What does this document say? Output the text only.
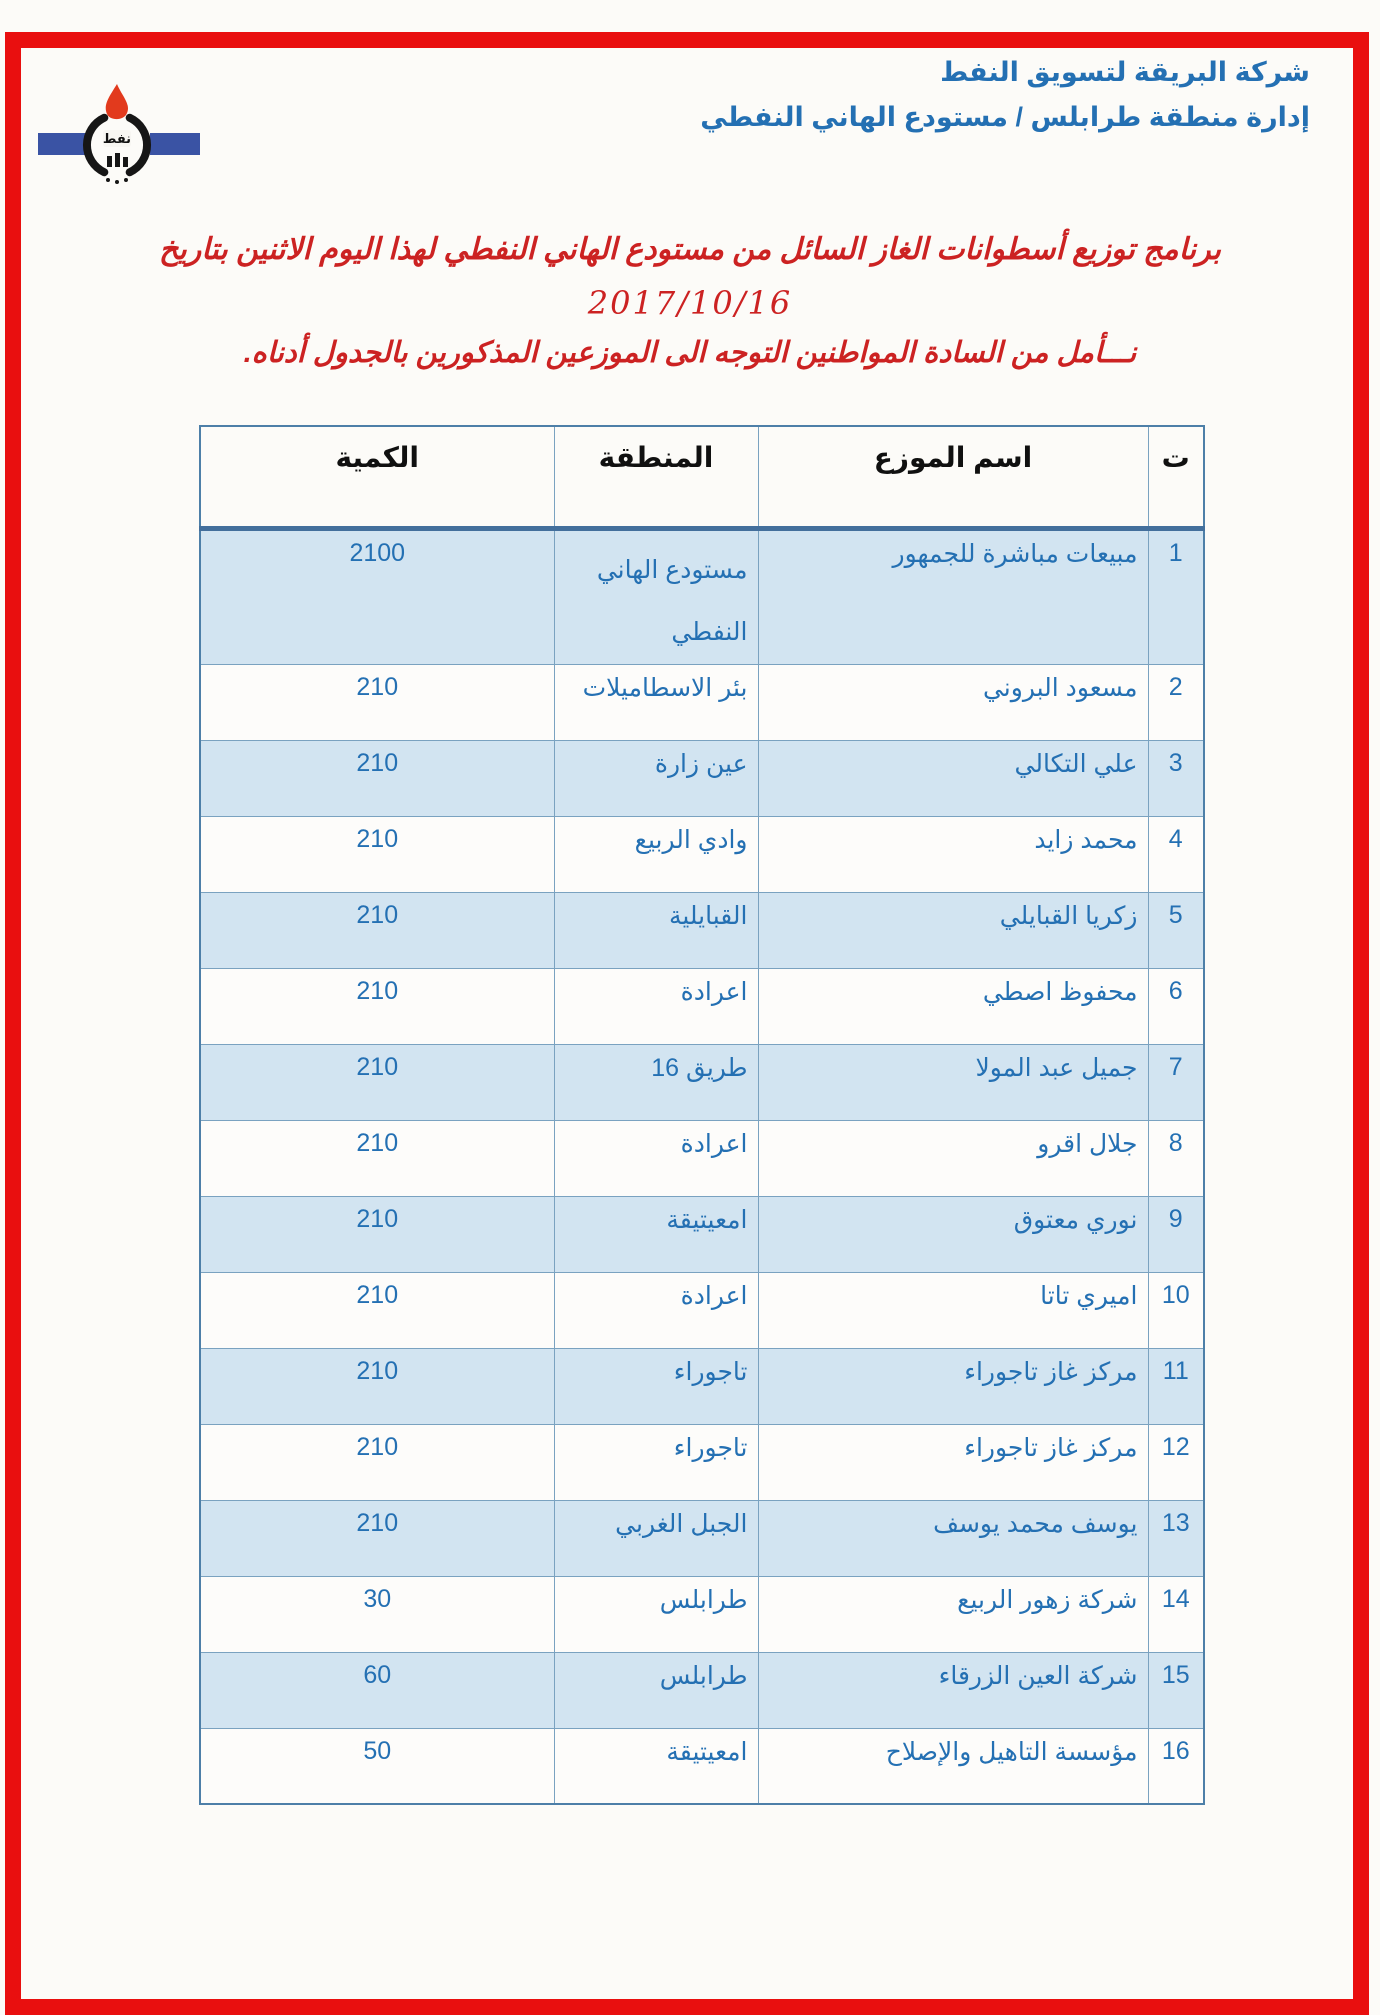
نفط
شركة البريقة لتسويق النفط
إدارة منطقة طرابلس / مستودع الهاني النفطي
برنامج توزيع أسطوانات الغاز السائل من مستودع الهاني النفطي لهذا اليوم الاثنين بتاريخ
2017/10/16
نـــأمل من السادة المواطنين التوجه الى الموزعين المذكورين بالجدول أدناه.
ت	اسم الموزع	المنطقة	الكمية
1	مبيعات مباشرة للجمهور	مستودع الهاني النفطي	2100
2	مسعود البروني	بئر الاسطاميلات	210
3	علي التكالي	عين زارة	210
4	محمد زايد	وادي الربيع	210
5	زكريا القبايلي	القبايلية	210
6	محفوظ اصطي	اعرادة	210
7	جميل عبد المولا	طريق 16	210
8	جلال اقرو	اعرادة	210
9	نوري معتوق	امعيتيقة	210
10	اميري تاتا	اعرادة	210
11	مركز غاز تاجوراء	تاجوراء	210
12	مركز غاز تاجوراء	تاجوراء	210
13	يوسف محمد يوسف	الجبل الغربي	210
14	شركة زهور الربيع	طرابلس	30
15	شركة العين الزرقاء	طرابلس	60
16	مؤسسة التاهيل والإصلاح	امعيتيقة	50
